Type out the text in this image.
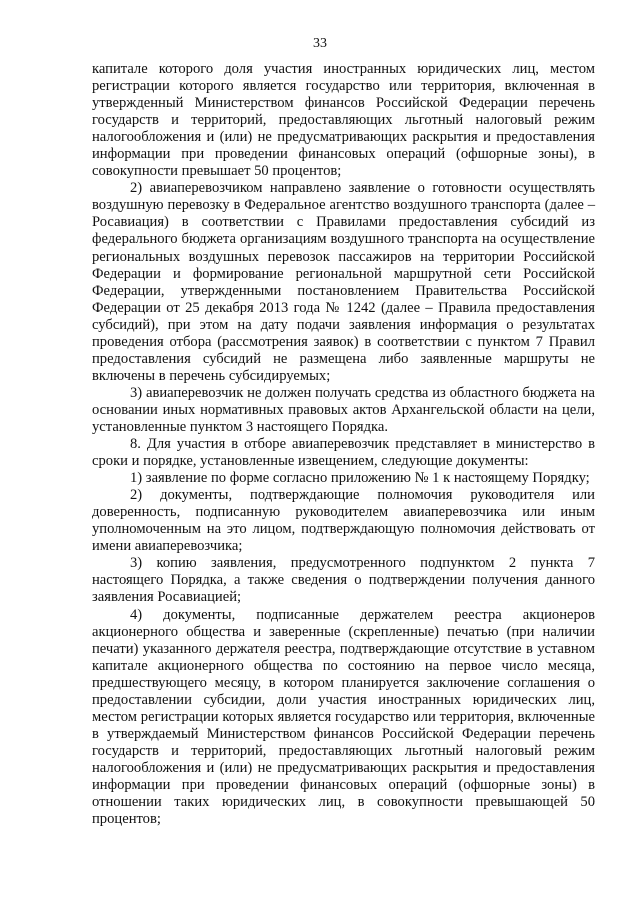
33

капитале которого доля участия иностранных юридических лиц, местом регистрации которого является государство или территория, включенная в утвержденный Министерством финансов Российской Федерации перечень государств и территорий, предоставляющих льготный налоговый режим налогообложения и (или) не предусматривающих раскрытия и предоставления информации при проведении финансовых операций (офшорные зоны), в совокупности превышает 50 процентов;

2) авиаперевозчиком направлено заявление о готовности осуществлять воздушную перевозку в Федеральное агентство воздушного транспорта (далее – Росавиация) в соответствии с Правилами предоставления субсидий из федерального бюджета организациям воздушного транспорта на осуществление региональных воздушных перевозок пассажиров на территории Российской Федерации и формирование региональной маршрутной сети Российской Федерации, утвержденными постановлением Правительства Российской Федерации от 25 декабря 2013 года № 1242 (далее – Правила предоставления субсидий), при этом на дату подачи заявления информация о результатах проведения отбора (рассмотрения заявок) в соответствии с пунктом 7 Правил предоставления субсидий не размещена либо заявленные маршруты не включены в перечень субсидируемых;

3) авиаперевозчик не должен получать средства из областного бюджета на основании иных нормативных правовых актов Архангельской области на цели, установленные пунктом 3 настоящего Порядка.

8. Для участия в отборе авиаперевозчик представляет в министерство в сроки и порядке, установленные извещением, следующие документы:

1) заявление по форме согласно приложению № 1 к настоящему Порядку;

2) документы, подтверждающие полномочия руководителя или доверенность, подписанную руководителем авиаперевозчика или иным уполномоченным на это лицом, подтверждающую полномочия действовать от имени авиаперевозчика;

3) копию заявления, предусмотренного подпунктом 2 пункта 7 настоящего Порядка, а также сведения о подтверждении получения данного заявления Росавиацией;

4) документы, подписанные держателем реестра акционеров акционерного общества и заверенные (скрепленные) печатью (при наличии печати) указанного держателя реестра, подтверждающие отсутствие в уставном капитале акционерного общества по состоянию на первое число месяца, предшествующего месяцу, в котором планируется заключение соглашения о предоставлении субсидии, доли участия иностранных юридических лиц, местом регистрации которых является государство или территория, включенные в утверждаемый Министерством финансов Российской Федерации перечень государств и территорий, предоставляющих льготный налоговый режим налогообложения и (или) не предусматривающих раскрытия и предоставления информации при проведении финансовых операций (офшорные зоны) в отношении таких юридических лиц, в совокупности превышающей 50 процентов;
